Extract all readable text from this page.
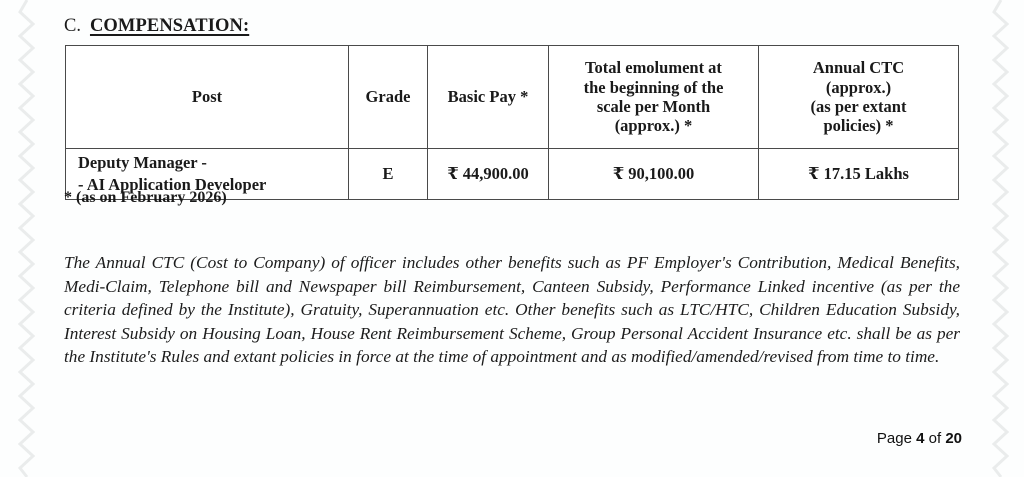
C. COMPENSATION:
Post	Grade	Basic Pay *	Total emolument at
the beginning of the
scale per Month
(approx.) *	Annual CTC
(approx.)
(as per extant
policies) *

Deputy Manager -
- AI Application Developer	E	₹ 44,900.00	₹ 90,100.00	₹ 17.15 Lakhs
* (as on February 2026)

The Annual CTC (Cost to Company) of officer includes other benefits such as PF Employer's Contribution, Medical Benefits, Medi-Claim, Telephone bill and Newspaper bill Reimbursement, Canteen Subsidy, Performance Linked incentive (as per the criteria defined by the Institute), Gratuity, Superannuation etc. Other benefits such as LTC/HTC, Children Education Subsidy, Interest Subsidy on Housing Loan, House Rent Reimbursement Scheme, Group Personal Accident Insurance etc. shall be as per the Institute's Rules and extant policies in force at the time of appointment and as modified/amended/revised from time to time.

Page 4 of 20
